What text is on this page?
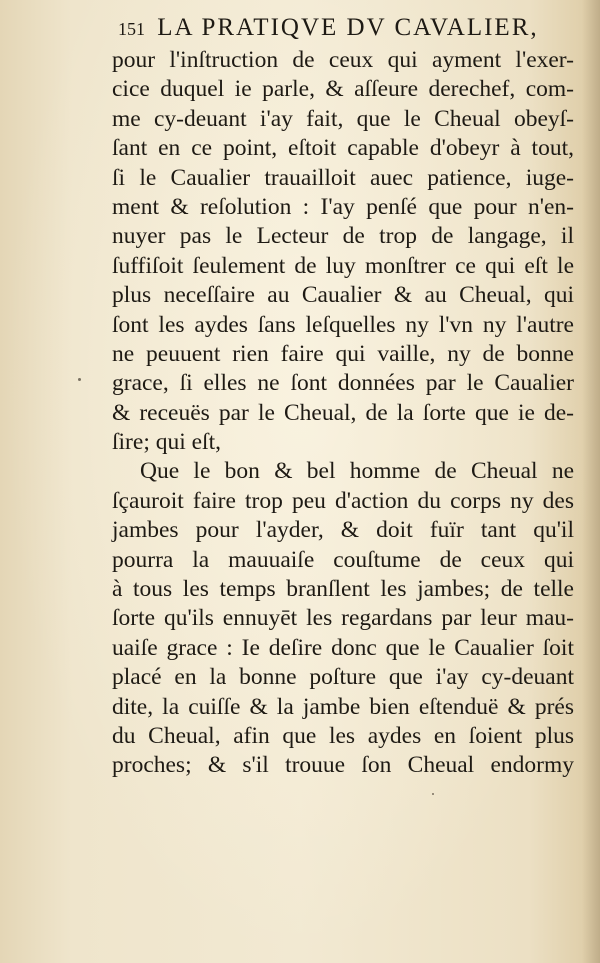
151 LA PRATIQVE DV CAVALIER,
pour l'inſtruction de ceux qui ayment l'exer-
cice duquel ie parle, & aſſeure derechef, com-
me cy-deuant i'ay fait, que le Cheual obeyſ-
ſant en ce point, eſtoit capable d'obeyr à tout,
ſi le Caualier trauailloit auec patience, iuge-
ment & reſolution : I'ay penſé que pour n'en-
nuyer pas le Lecteur de trop de langage, il
ſuffiſoit ſeulement de luy monſtrer ce qui eſt le
plus neceſſaire au Caualier & au Cheual, qui
ſont les aydes ſans leſquelles ny l'vn ny l'autre
ne peuuent rien faire qui vaille, ny de bonne
grace, ſi elles ne ſont données par le Caualier
& receuës par le Cheual, de la ſorte que ie de-
ſire; qui eſt,
Que le bon & bel homme de Cheual ne
ſçauroit faire trop peu d'action du corps ny des
jambes pour l'ayder, & doit fuïr tant qu'il
pourra la mauuaiſe couſtume de ceux qui
à tous les temps branſlent les jambes; de telle
ſorte qu'ils ennuyēt les regardans par leur mau-
uaiſe grace : Ie deſire donc que le Caualier ſoit
placé en la bonne poſture que i'ay cy-deuant
dite, la cuiſſe & la jambe bien eſtenduë & prés
du Cheual, afin que les aydes en ſoient plus
proches; & s'il trouue ſon Cheual endormy
